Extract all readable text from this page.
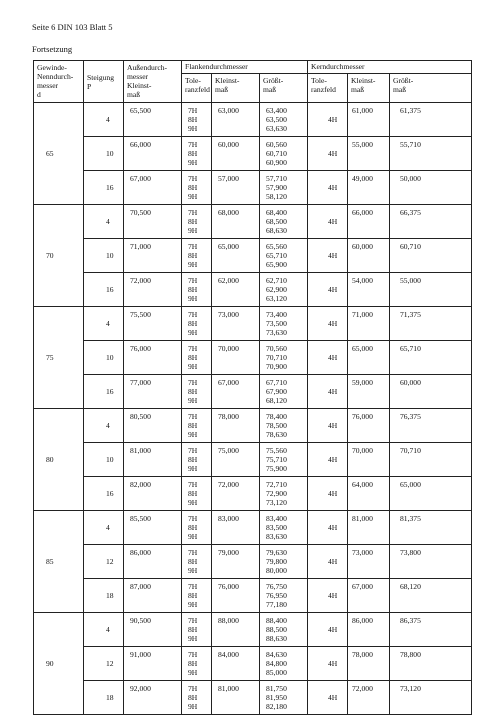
Seite 6 DIN 103 Blatt 5
Fortsetzung
Gewinde-
Nenndurch-
messer
d	Steigung
P	Außendurch-
messer
Kleinst-
maß	Flankendurchmesser			Kerndurchmesser		
			Tole-
ranzfeld	Kleinst-
maß	Größt-
maß	Tole-
ranzfeld	Kleinst-
maß	Größt-
maß
65	4	65,500	7H
8H
9H	63,000	63,400
63,500
63,630	4H	61,000	61,375
	10	66,000	7H
8H
9H	60,000	60,560
60,710
60,900	4H	55,000	55,710
	16	67,000	7H
8H
9H	57,000	57,710
57,900
58,120	4H	49,000	50,000
70	4	70,500	7H
8H
9H	68,000	68,400
68,500
68,630	4H	66,000	66,375
	10	71,000	7H
8H
9H	65,000	65,560
65,710
65,900	4H	60,000	60,710
	16	72,000	7H
8H
9H	62,000	62,710
62,900
63,120	4H	54,000	55,000
75	4	75,500	7H
8H
9H	73,000	73,400
73,500
73,630	4H	71,000	71,375
	10	76,000	7H
8H
9H	70,000	70,560
70,710
70,900	4H	65,000	65,710
	16	77,000	7H
8H
9H	67,000	67,710
67,900
68,120	4H	59,000	60,000
80	4	80,500	7H
8H
9H	78,000	78,400
78,500
78,630	4H	76,000	76,375
	10	81,000	7H
8H
9H	75,000	75,560
75,710
75,900	4H	70,000	70,710
	16	82,000	7H
8H
9H	72,000	72,710
72,900
73,120	4H	64,000	65,000
85	4	85,500	7H
8H
9H	83,000	83,400
83,500
83,630	4H	81,000	81,375
	12	86,000	7H
8H
9H	79,000	79,630
79,800
80,000	4H	73,000	73,800
	18	87,000	7H
8H
9H	76,000	76,750
76,950
77,180	4H	67,000	68,120
90	4	90,500	7H
8H
9H	88,000	88,400
88,500
88,630	4H	86,000	86,375
	12	91,000	7H
8H
9H	84,000	84,630
84,800
85,000	4H	78,000	78,800
	18	92,000	7H
8H
9H	81,000	81,750
81,950
82,180	4H	72,000	73,120
